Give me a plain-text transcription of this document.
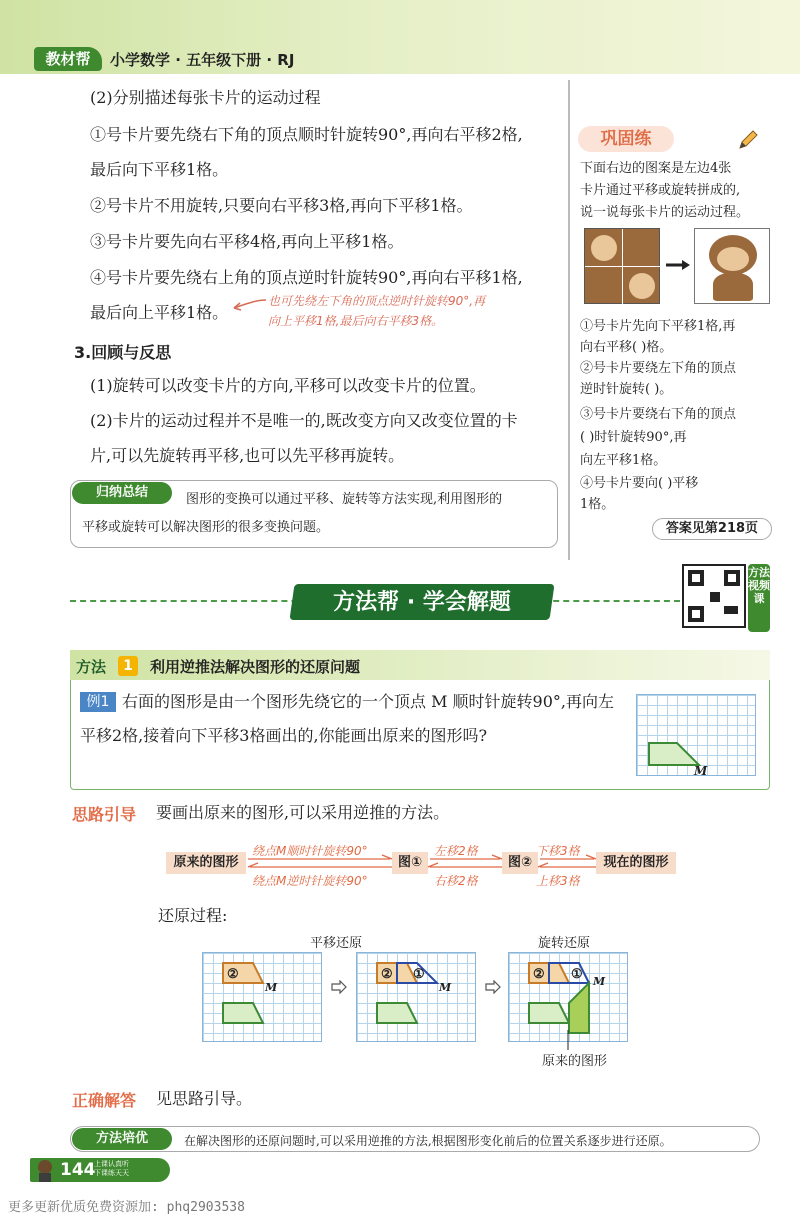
教材帮	小学数学 · 五年级下册 · RJ
(2)分别描述每张卡片的运动过程
①号卡片要先绕右下角的顶点顺时针旋转90°,再向右平移2格,
最后向下平移1格。
②号卡片不用旋转,只要向右平移3格,再向下平移1格。
③号卡片要先向右平移4格,再向上平移1格。
④号卡片要先绕右上角的顶点逆时针旋转90°,再向右平移1格,
最后向上平移1格。
也可先绕左下角的顶点逆时针旋转90°,再
向上平移1格,最后向右平移3格。
3.回顾与反思
(1)旋转可以改变卡片的方向,平移可以改变卡片的位置。
(2)卡片的运动过程并不是唯一的,既改变方向又改变位置的卡
片,可以先旋转再平移,也可以先平移再旋转。
归纳总结	图形的变换可以通过平移、旋转等方法实现,利用图形的
平移或旋转可以解决图形的很多变换问题。
巩固练
下面右边的图案是左边4张
卡片通过平移或旋转拼成的,
说一说每张卡片的运动过程。
①号卡片先向下平移1格,再
向右平移( )格。
②号卡片要绕左下角的顶点
逆时针旋转( )。
③号卡片要绕右下角的顶点
( )时针旋转90°,再
向左平移1格。
④号卡片要向( )平移
1格。
答案见第218页
方法帮 · 学会解题
方法视频课
方法	1	利用逆推法解决图形的还原问题
例1 右面的图形是由一个图形先绕它的一个顶点 M 顺时针旋转90°,再向左
平移2格,接着向下平移3格画出的,你能画出原来的图形吗?
M
思路引导 要画出原来的图形,可以采用逆推的方法。
原来的图形	图①	图②	现在的图形
绕点M顺时针旋转90°
绕点M逆时针旋转90°
左移2格
右移2格
下移3格
上移3格
还原过程:
平移还原	旋转还原
②
M
② ①
M
② ① M
原来的图形
正确解答 见思路引导。
方法培优	在解决图形的还原问题时,可以采用逆推的方法,根据图形变化前后的位置关系逐步进行还原。
144
上课认真听 下课练天天
更多更新优质免费资源加: phq2903538
